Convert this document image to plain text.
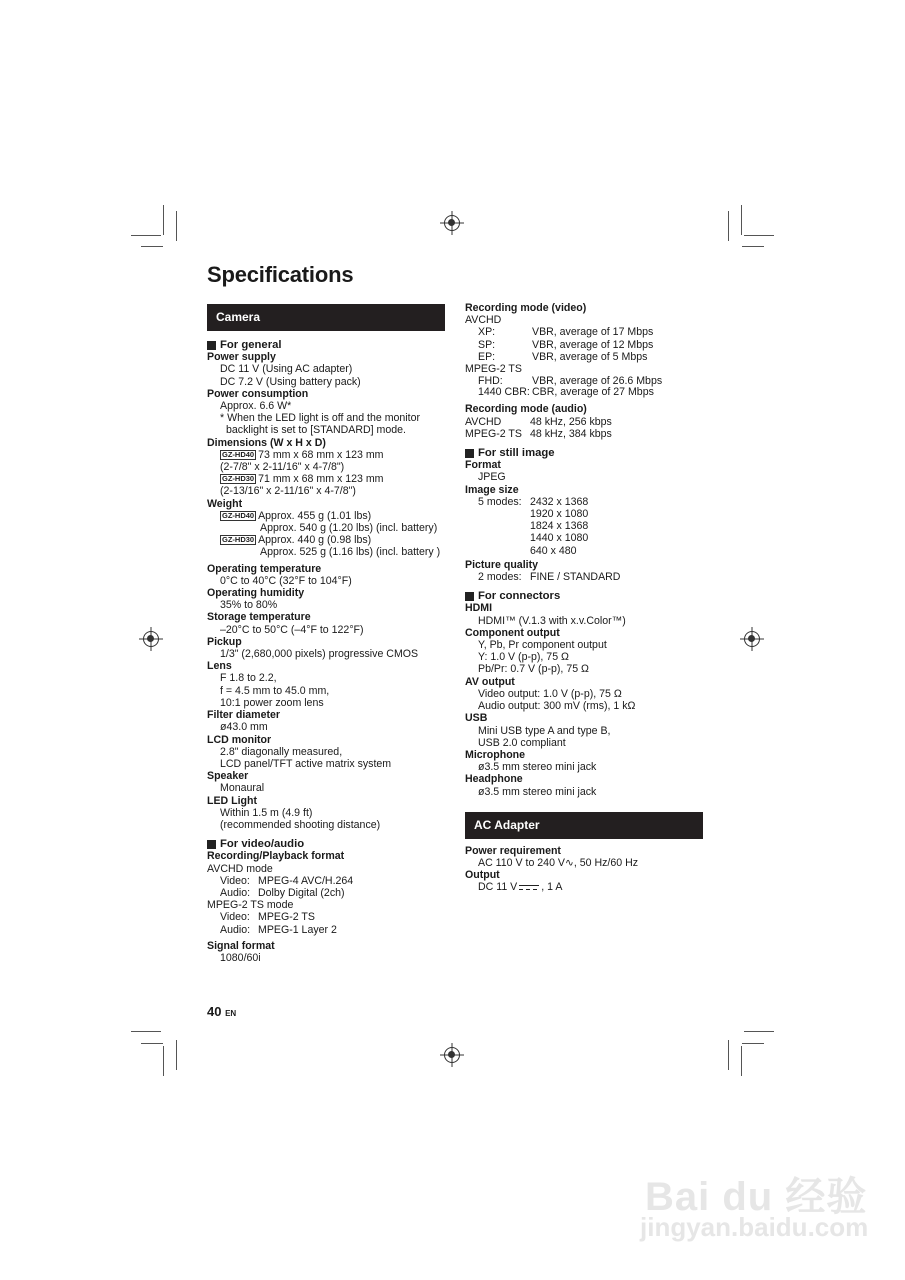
Specifications
Camera
For general
Power supply
DC 11 V (Using AC adapter)
DC 7.2 V (Using battery pack)
Power consumption
Approx. 6.6 W*
* When the LED light is off and the monitor
backlight is set to [STANDARD] mode.
Dimensions (W x H x D)
GZ-HD40 73 mm x 68 mm x 123 mm
(2-7/8" x 2-11/16" x 4-7/8")
GZ-HD30 71 mm x 68 mm x 123 mm
(2-13/16" x 2-11/16" x 4-7/8")
Weight
GZ-HD40 Approx. 455 g (1.01 lbs)
Approx. 540 g (1.20 lbs) (incl. battery)
GZ-HD30 Approx. 440 g (0.98 lbs)
Approx. 525 g (1.16 lbs) (incl. battery )
Operating temperature
0°C to 40°C (32°F to 104°F)
Operating humidity
35% to 80%
Storage temperature
–20°C to 50°C (–4°F to 122°F)
Pickup
1/3" (2,680,000 pixels) progressive CMOS
Lens
F 1.8 to 2.2,
f = 4.5 mm to 45.0 mm,
10:1 power zoom lens
Filter diameter
ø43.0 mm
LCD monitor
2.8" diagonally measured,
LCD panel/TFT active matrix system
Speaker
Monaural
LED Light
Within 1.5 m (4.9 ft)
(recommended shooting distance)
For video/audio
Recording/Playback format
AVCHD mode
Video: MPEG-4 AVC/H.264
Audio: Dolby Digital (2ch)
MPEG-2 TS mode
Video: MPEG-2 TS
Audio: MPEG-1 Layer 2
Signal format
1080/60i
Recording mode (video)
AVCHD
XP:	VBR, average of 17 Mbps
SP:	VBR, average of 12 Mbps
EP:	VBR, average of 5 Mbps
MPEG-2 TS
FHD:	VBR, average of 26.6 Mbps
1440 CBR: CBR, average of 27 Mbps
Recording mode (audio)
AVCHD	48 kHz, 256 kbps
MPEG-2 TS 48 kHz, 384 kbps
For still image
Format
JPEG
Image size
5 modes: 2432 x 1368
1920 x 1080
1824 x 1368
1440 x 1080
640 x 480
Picture quality
2 modes: FINE / STANDARD
For connectors
HDMI
HDMI™ (V.1.3 with x.v.Color™)
Component output
Y, Pb, Pr component output
Y: 1.0 V (p-p), 75 Ω
Pb/Pr: 0.7 V (p-p), 75 Ω
AV output
Video output: 1.0 V (p-p), 75 Ω
Audio output: 300 mV (rms), 1 kΩ
USB
Mini USB type A and type B,
USB 2.0 compliant
Microphone
ø3.5 mm stereo mini jack
Headphone
ø3.5 mm stereo mini jack
AC Adapter
Power requirement
AC 110 V to 240 V∿, 50 Hz/60 Hz
Output
DC 11 V , 1 A
40 EN
Bai du 经验
jingyan.baidu.com
